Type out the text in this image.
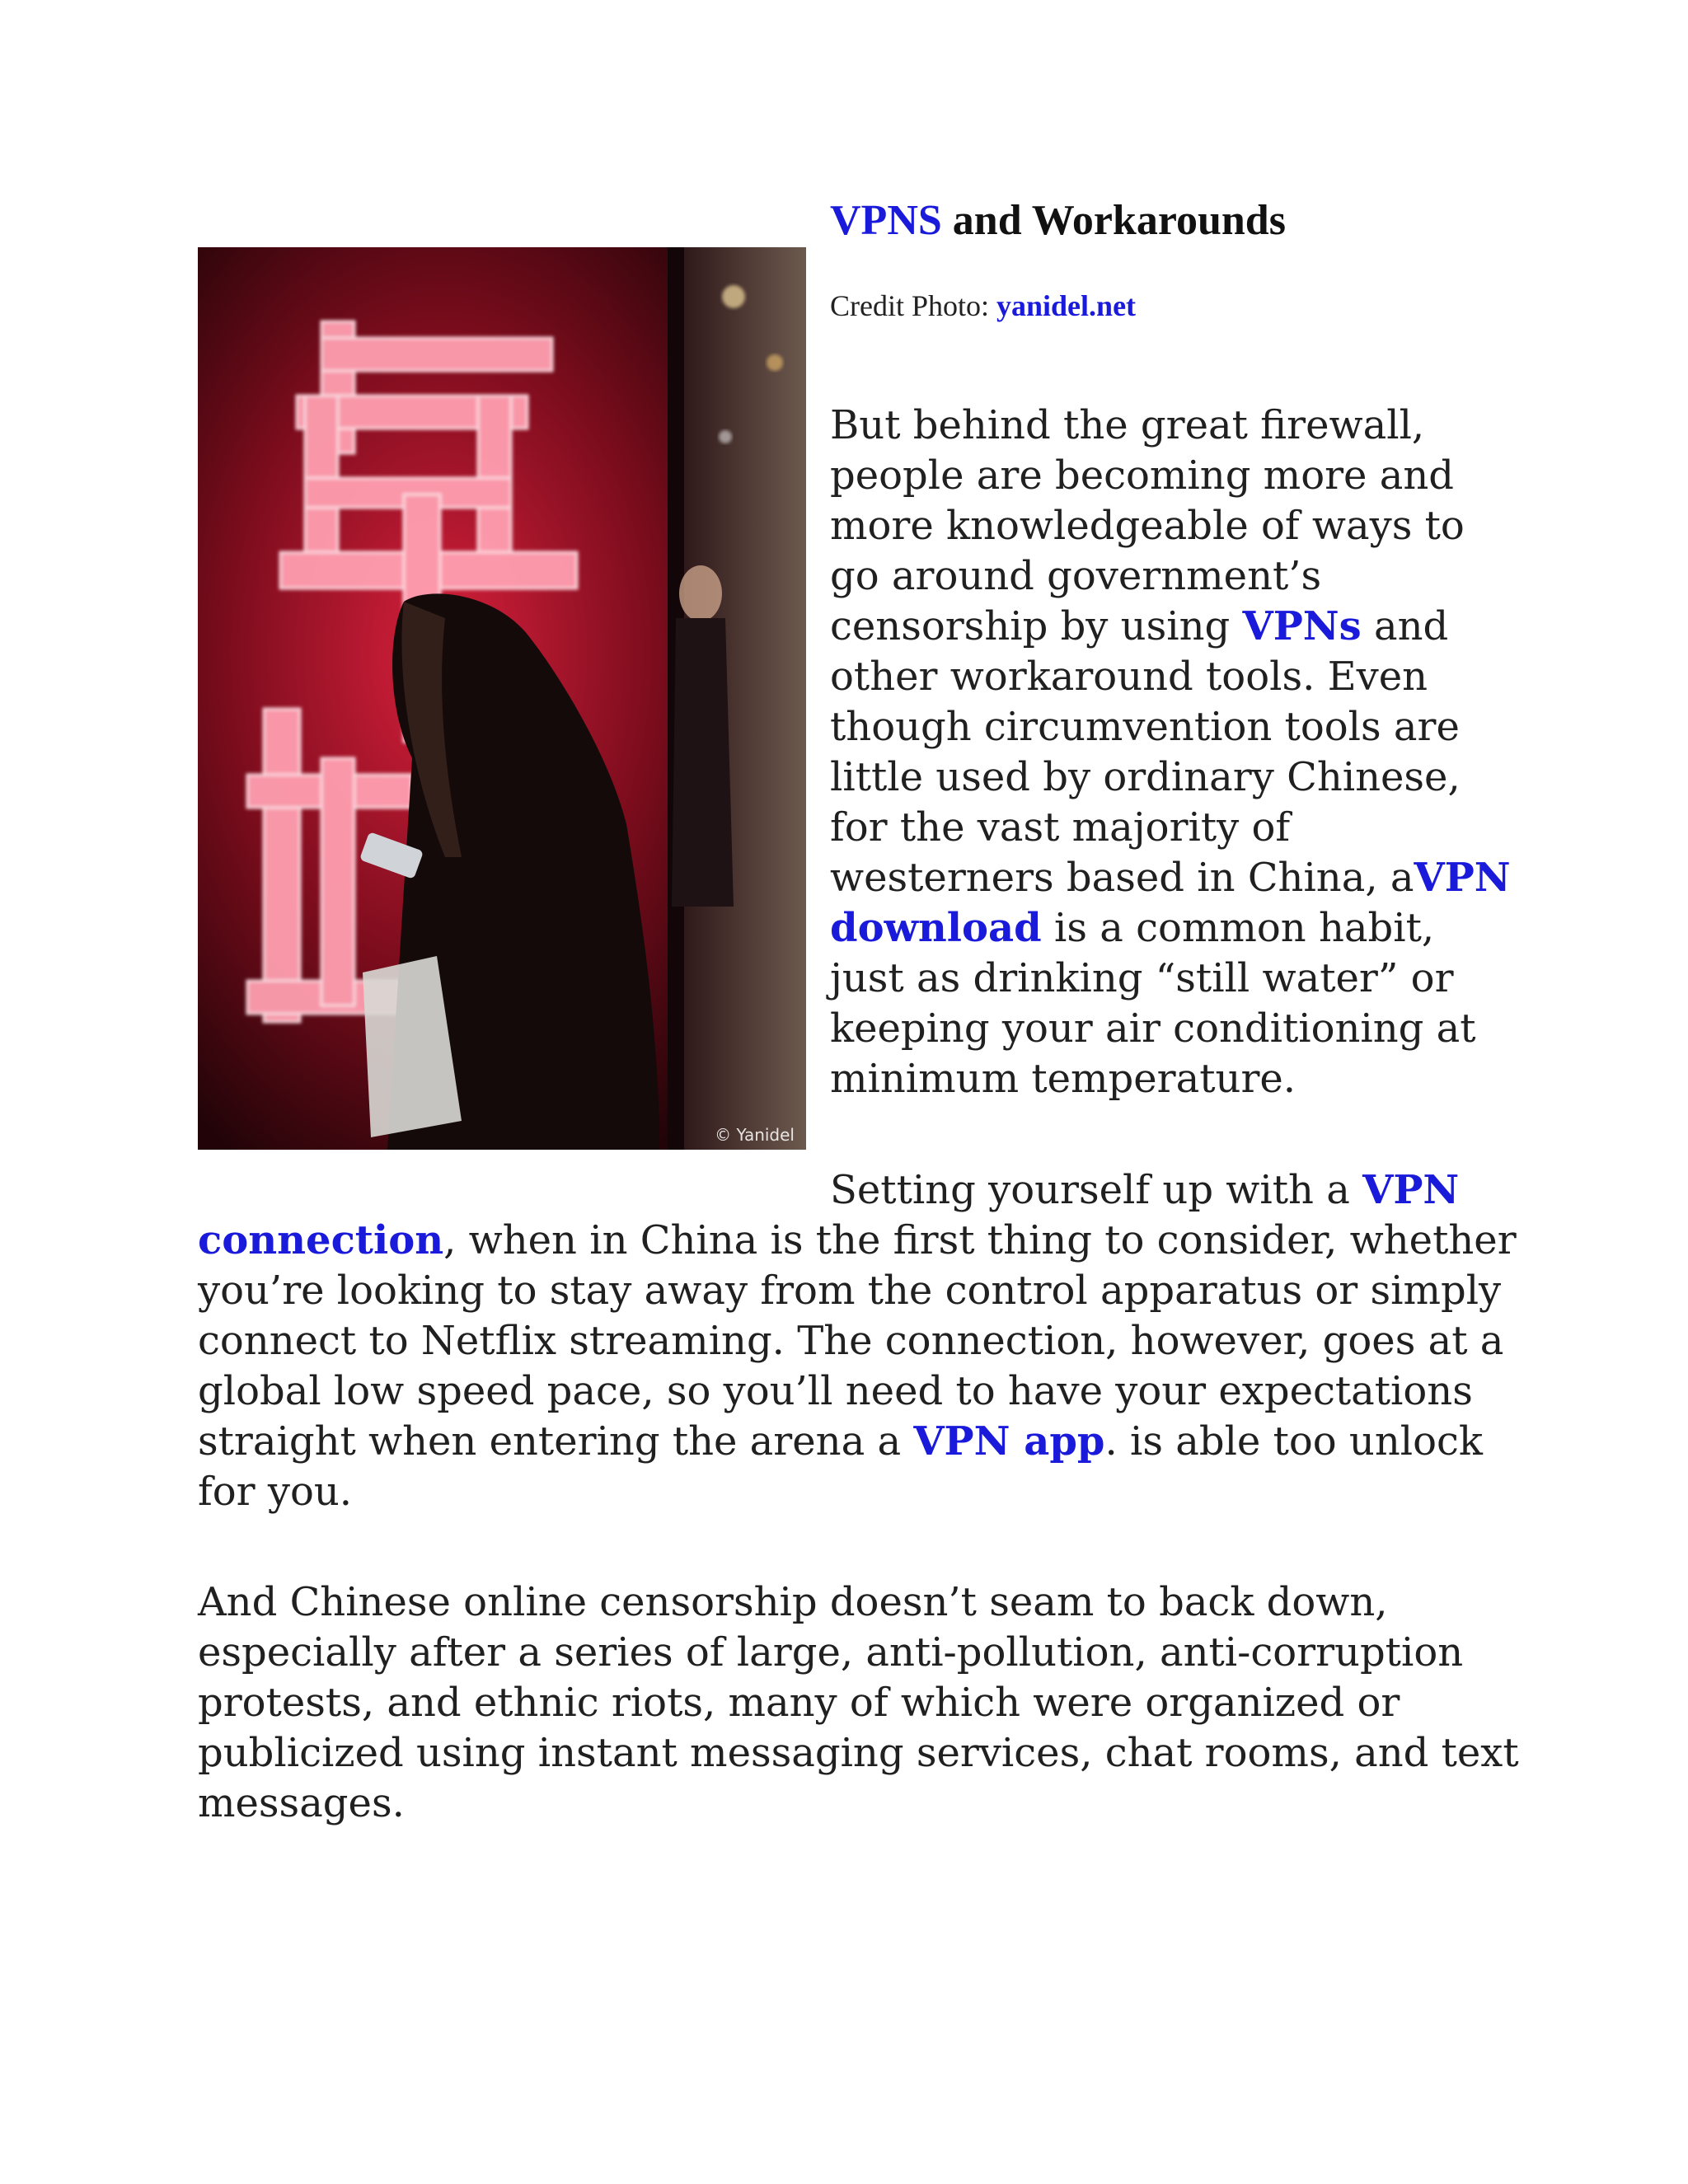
© Yanidel
VPNS and Workarounds

Credit Photo: yanidel.net

But behind the great firewall,
people are becoming more and
more knowledgeable of ways to
go around government’s
censorship by using VPNs and
other workaround tools. Even
though circumvention tools are
little used by ordinary Chinese,
for the vast majority of
westerners based in China, aVPN
download is a common habit,
just as drinking “still water” or
keeping your air conditioning at
minimum temperature.

Setting yourself up with a VPN
connection, when in China is the first thing to consider, whether
you’re looking to stay away from the control apparatus or simply
connect to Netflix streaming. The connection, however, goes at a
global low speed pace, so you’ll need to have your expectations
straight when entering the arena a VPN app. is able too unlock
for you.

And Chinese online censorship doesn’t seam to back down,
especially after a series of large, anti-pollution, anti-corruption
protests, and ethnic riots, many of which were organized or
publicized using instant messaging services, chat rooms, and text
messages.
